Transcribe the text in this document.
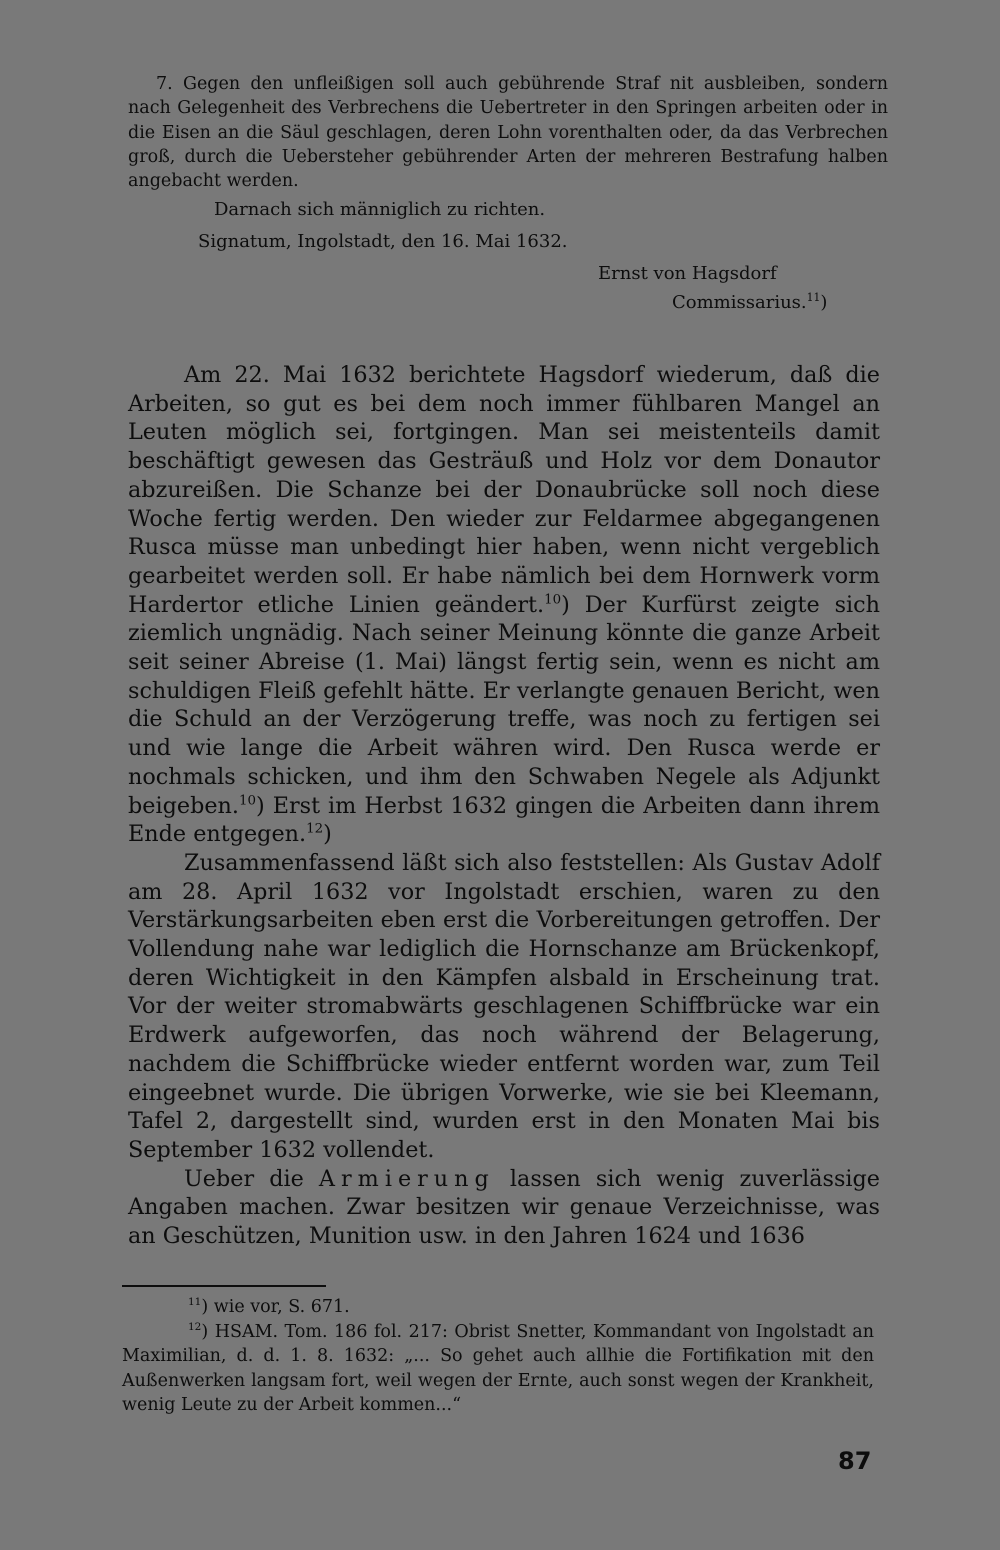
7. Gegen den unfleißigen soll auch gebührende Straf nit ausbleiben, sondern nach Gelegenheit des Verbrechens die Uebertreter in den Springen arbeiten oder in die Eisen an die Säul geschlagen, deren Lohn vorenthalten oder, da das Verbrechen groß, durch die Uebersteher gebührender Arten der mehreren Bestrafung halben angebacht werden.

Darnach sich männiglich zu richten.

Signatum, Ingolstadt, den 16. Mai 1632.

Ernst von Hagsdorf

Commissarius.$^{11}$)

Am 22. Mai 1632 berichtete Hagsdorf wiederum, daß die Arbeiten, so gut es bei dem noch immer fühlbaren Mangel an Leuten möglich sei, fortgingen. Man sei meistenteils damit beschäftigt gewesen das Gesträuß und Holz vor dem Donautor abzureißen. Die Schanze bei der Donaubrücke soll noch diese Woche fertig werden. Den wieder zur Feldarmee abgegangenen Rusca müsse man unbedingt hier haben, wenn nicht vergeblich gearbeitet werden soll. Er habe nämlich bei dem Hornwerk vorm Hardertor etliche Linien geändert.$^{10}$) Der Kurfürst zeigte sich ziemlich ungnädig. Nach seiner Meinung könnte die ganze Arbeit seit seiner Abreise (1. Mai) längst fertig sein, wenn es nicht am schuldigen Fleiß gefehlt hätte. Er verlangte genauen Bericht, wen die Schuld an der Verzögerung treffe, was noch zu fertigen sei und wie lange die Arbeit währen wird. Den Rusca werde er nochmals schicken, und ihm den Schwaben Negele als Adjunkt beigeben.$^{10}$) Erst im Herbst 1632 gingen die Arbeiten dann ihrem Ende entgegen.$^{12}$)

Zusammenfassend läßt sich also feststellen: Als Gustav Adolf am 28. April 1632 vor Ingolstadt erschien, waren zu den Verstärkungsarbeiten eben erst die Vorbereitungen getroffen. Der Vollendung nahe war lediglich die Hornschanze am Brückenkopf, deren Wichtigkeit in den Kämpfen alsbald in Erscheinung trat. Vor der weiter stromabwärts geschlagenen Schiffbrücke war ein Erdwerk aufgeworfen, das noch während der Belagerung, nachdem die Schiffbrücke wieder entfernt worden war, zum Teil eingeebnet wurde. Die übrigen Vorwerke, wie sie bei Kleemann, Tafel 2, dargestellt sind, wurden erst in den Monaten Mai bis September 1632 vollendet.

Ueber die Armierung lassen sich wenig zuverlässige Angaben machen. Zwar besitzen wir genaue Verzeichnisse, was an Geschützen, Munition usw. in den Jahren 1624 und 1636

$^{11}$) wie vor, S. 671.

$^{12}$) HSAM. Tom. 186 fol. 217: Obrist Snetter, Kommandant von Ingolstadt an Maximilian, d. d. 1. 8. 1632: „... So gehet auch allhie die Fortifikation mit den Außenwerken langsam fort, weil wegen der Ernte, auch sonst wegen der Krankheit, wenig Leute zu der Arbeit kommen...“

87
